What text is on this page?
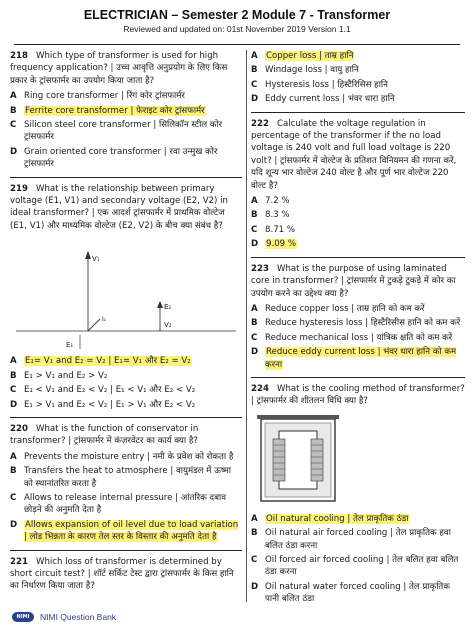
ELECTRICIAN – Semester 2 Module 7 - Transformer
Reviewed and updated on: 01st November 2019 Version 1.1
218 Which type of transformer is used for high frequency application? | उच्च आवृत्ति अनुप्रयोग के लिए किस प्रकार के ट्रांसफार्मर का उपयोग किया जाता है?
A Ring core transformer | रिंग कोर ट्रांसफार्मर
B Ferrite core transformer | फेराइट कोर ट्रांसफार्मर
C Silicon steel core transformer | सिलिकॉन स्टील कोर ट्रांसफार्मर
D Grain oriented core transformer | रवा उन्मुख कोर ट्रांसफार्मर
219 What is the relationship between primary voltage (E1, V1) and secondary voltage (E2, V2) in ideal transformer? | एक आदर्श ट्रांसफार्मर में प्राथमिक वोल्टेज (E1, V1) और माध्यमिक वोल्टेज (E2, V2) के बीच क्या संबंध है?
V₁
I₁
E₂
V₂
E₁
A E₁= V₁ and E₂ = V₂ | E₁= V₁ और E₂ = V₂
B E₁ > V₁ and E₂ > V₂
C E₁ < V₁ and E₂ < V₂ | E₁ < V₁ और E₂ < V₂
D E₁ > V₁ and E₂ < V₂ | E₁ > V₁ और E₂ < V₂
220 What is the function of conservator in transformer? | ट्रांसफार्मर में कंज़रवेटर का कार्य क्या है?
A Prevents the moisture entry | नमी के प्रवेश को रोकता है
B Transfers the heat to atmosphere | वायुमंडल में ऊष्मा को स्थानांतरित करता है
C Allows to release internal pressure | आंतरिक दबाव छोड़ने की अनुमति देता है
D Allows expansion of oil level due to load variation | लोड भिन्नता के कारण तेल स्तर के विस्तार की अनुमति देता है
221 Which loss of transformer is determined by short circuit test? | शॉर्ट सर्किट टेस्ट द्वारा ट्रांसफार्मर के किस हानि का निर्धारण किया जाता है?
A Copper loss | ताम्र हानि
B Windage loss | वायु हानि
C Hysteresis loss | हिस्टैरिसिस हानि
D Eddy current loss | भंवर धारा हानि
222 Calculate the voltage regulation in percentage of the transformer if the no load voltage is 240 volt and full load voltage is 220 volt? | ट्रांसफार्मर में वोल्टेज के प्रतिशत विनियमन की गणना करें, यदि शून्य भार वोल्टेज 240 वोल्ट है और पूर्ण भार वोल्टेज 220 वोल्ट है?
A 7.2 %
B 8.3 %
C 8.71 %
D 9.09 %
223 What is the purpose of using laminated core in transformer? | ट्रांसफार्मर में टुकड़े टुकड़े में कोर का उपयोग करने का उद्देश्य क्या है?
A Reduce copper loss | ताम्र हानि को कम करें
B Reduce hysteresis loss | हिस्टैरिसीस हानि को कम करें
C Reduce mechanical loss | यांत्रिक क्षति को कम करें
D Reduce eddy current loss | भंवर धारा हानि को कम करना
224 What is the cooling method of transformer? | ट्रांसफार्मर की शीतलन विधि क्या है?
A Oil natural cooling | तेल प्राकृतिक ठंडा
B Oil natural air forced cooling | तेल प्राकृतिक हवा बलित ठंडा करना
C Oil forced air forced cooling | तेल बलित हवा बलित ठंडा करना
D Oil natural water forced cooling | तेल प्राकृतिक पानी बलित ठंडा
NIMI	NIMI Question Bank
